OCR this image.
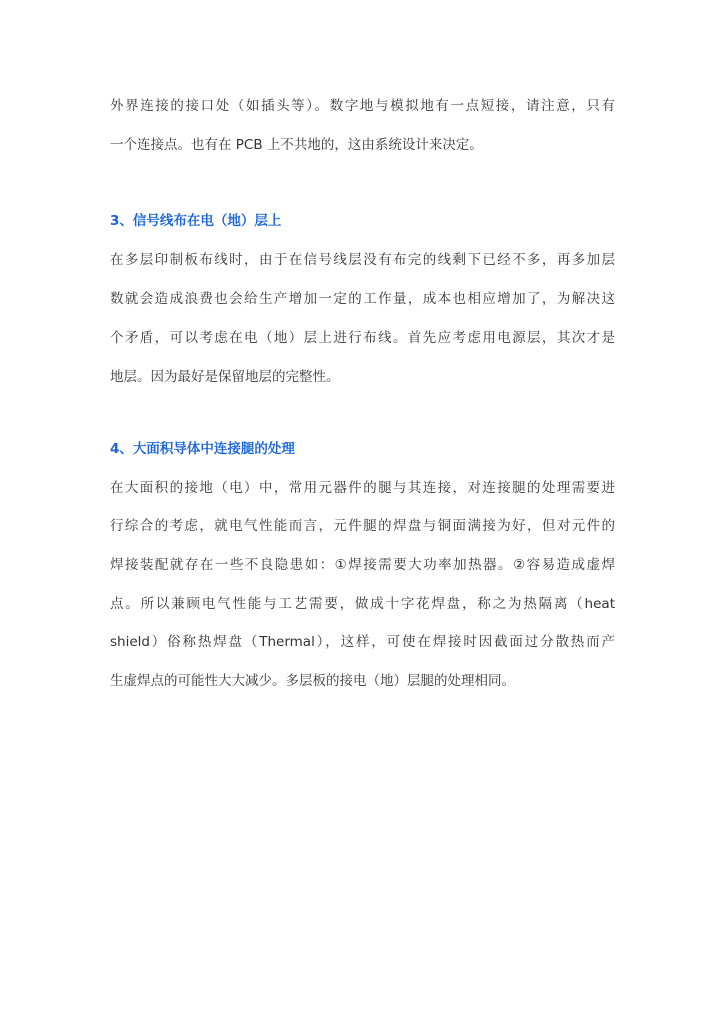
外界连接的接口处（如插头等）。数字地与模拟地有一点短接，请注意，只有
一个连接点。也有在 PCB 上不共地的，这由系统设计来决定。
3、信号线布在电（地）层上
在多层印制板布线时，由于在信号线层没有布完的线剩下已经不多，再多加层
数就会造成浪费也会给生产增加一定的工作量，成本也相应增加了，为解决这
个矛盾，可以考虑在电（地）层上进行布线。首先应考虑用电源层，其次才是
地层。因为最好是保留地层的完整性。
4、大面积导体中连接腿的处理
在大面积的接地（电）中，常用元器件的腿与其连接，对连接腿的处理需要进
行综合的考虑，就电气性能而言，元件腿的焊盘与铜面满接为好，但对元件的
焊接装配就存在一些不良隐患如：①焊接需要大功率加热器。②容易造成虚焊
点。所以兼顾电气性能与工艺需要，做成十字花焊盘，称之为热隔离（heat
shield）俗称热焊盘（Thermal），这样，可使在焊接时因截面过分散热而产
生虚焊点的可能性大大减少。多层板的接电（地）层腿的处理相同。
